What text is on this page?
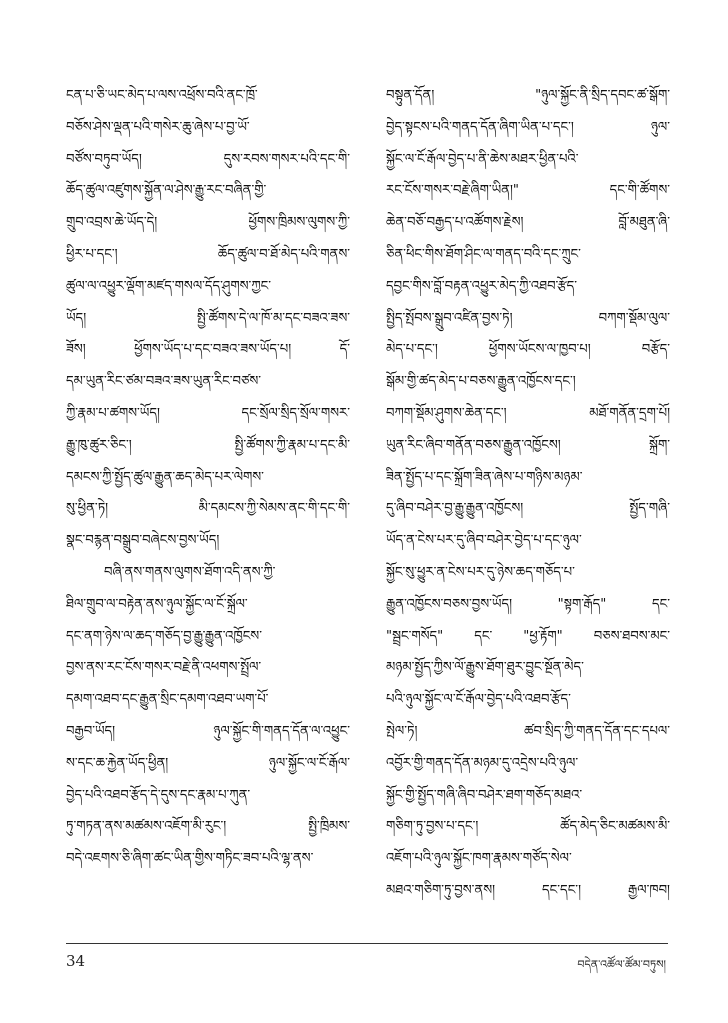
ངན་པ་ཅི་ཡང་མེད་པ་ལས་འཕྲོས་བའི་ནང་ཁྲོ་
བཅོས་ཤེས་ལྡན་པའི་གསེར་ཆུ་ཞེས་པ་བྱ་ཡོ་
བཙོས་བཏུབ་ཡོད། དུས་རབས་གསར་པའི་དང་གི་
ཆོད་ཚུལ་འཛུགས་སྐྱོན་ལ་ཤེས་རྒྱུ་རང་བཞིན་གྱི་
གྲུབ་འབྲས་ཆེ་ཡོད་དེ། ཕྱོགས་ཁྲིམས་ལུགས་ཀྱི་
ཕྱིར་པ་དང་། ཆོད་ཚུལ་བ་ཐོ་མེད་པའི་གནས་
ཚུལ་ལ་འཕྱུར་ལྡོག་མཛད་གསལ་དོད་ཤུགས་ཀྱང་
ཡོད། སྤྱི་ཚོགས་དེ་ལ་ཁོ་མ་དང་བཟའ་ཟས་
ཟོས། ཕྱོགས་ཡོད་པ་དང་བཟའ་ཟས་ཡོད་པ། དོ་
དམ་ཡུན་རིང་ཙམ་བཟའ་ཟས་ཡུན་རིང་བཙས་
ཀྱི་རྣམ་པ་ཚགས་ཡོད། དང་སྲོལ་སྲིད་སྲོལ་གསར་
རྒྱུ་ཁུ་ཚུར་ཅིང་། སྤྱི་ཚོགས་ཀྱི་རྣམ་པ་དང་མི་
དམངས་ཀྱི་སྤྱོད་ཚུལ་རྒྱུན་ཆད་མེད་པར་ལེགས་
སུ་ཕྱིན་ཏེ། མི་དམངས་ཀྱི་སེམས་ནང་གི་དང་གི་
སྣང་བརྙན་བསྒྲུབ་བཞེངས་བྱས་ཡོད།
བཞི་ནས་གནས་ལུགས་ཐོག་འདི་ནས་ཀྱི་
ཐིལ་གྲུབ་ལ་བརྟེན་ནས་ཉུལ་སྐྱོང་ལ་ངོ་སྐྲོལ་
དང་ནག་ཉེས་ལ་ཆད་གཅོད་བྱ་རྒྱུ་རྒྱུན་འཁྱོངས་
བྱས་ནས་རང་ངོས་གསར་བརྗེ་ནི་འཕགས་སྤྲོལ་
དམག་འཐབ་དང་རྒྱུན་སྲིང་དམག་འཐབ་ཡག་པོ་
བརྒྱབ་ཡོད། ཉུལ་སྐྱོང་གི་གནད་དོན་ལ་འཕྱུང་
ས་དང་ཆ་རྐྱེན་ཡོད་ཕྱིན། ཉུལ་སྐྱོང་ལ་ངོ་རྒོལ་
བྱེད་པའི་འཐབ་རྩོད་དེ་དུས་དང་རྣམ་པ་ཀུན་
ཏུ་གཏན་ནས་མཚམས་འཇོག་མི་རུང་། སྤྱི་ཁྲིམས་
བདེ་འཇགས་ཅི་ཞིག་ཚང་ཡིན་གྱིས་གཏིང་ཟབ་པའི་ལྷ་ནས་
བསྟུན་དོན། "ཉུལ་སྐྱོང་ནི་སྲིད་དབང་ཚ་སྒོག་
བྱེད་སྟངས་པའི་གནད་དོན་ཞིག་ཡིན་པ་དང་། ཉུལ་
སྐྱོང་ལ་ངོ་རྒོལ་བྱེད་པ་ནི་ཆེས་མཐར་ཕྱིན་པའི་
རང་ངོས་གསར་བརྗེ་ཞིག་ཡིན།" དང་གི་ཚོགས་
ཆེན་བཅོ་བརྒྱད་པ་འཚོགས་རྗེས། བློ་མཐུན་ཞི་
ཅིན་ཕིང་གིས་ཐོག་ཤིང་ལ་གནད་བའི་དང་ཀྲུང་
དབྱང་གིས་བློ་བརྟན་འཕྱུར་མེད་ཀྱི་འཐབ་རྩོད་
སྤྱིད་སྤོབས་སྒྲུབ་འཛིན་བྱས་ཏེ། བཀག་སྡོམ་ལུལ་
མེད་པ་དང་། ཕྱོགས་ཡོངས་ལ་ཁྱབ་པ། བརྩོད་
སྒོམ་གྱི་ཚད་མེད་པ་བཅས་རྒྱུན་འཁྱོངས་དང་།
བཀག་སྡོམ་ཤུགས་ཆེན་དང་། མཐོ་གནོན་དྲག་པོ།
ཡུན་རིང་ཞིབ་གནོན་བཅས་རྒྱུན་འཁྱོངས། སྐྲོག་
ཟིན་སྤྱོད་པ་དང་སྐྲོག་ཟིན་ཞེས་པ་གཉིས་མཉམ་
དུ་ཞིབ་བཤེར་བྱ་རྒྱུ་རྒྱུན་འཁྱོངས། སྤྱོད་གཞི་
ཡོད་ན་ངེས་པར་དུ་ཞིབ་བཤེར་བྱེད་པ་དང་ཉུལ་
སྐྱོང་སུ་ཕྱུར་ན་ངེས་པར་དུ་ཉེས་ཆད་གཅོད་པ་
རྒྱུན་འཁྱོངས་བཅས་བྱས་ཡོད། "སྟག་རྒོད" དང་
"སྦྲང་གསོད" དང་ "ཕྱ་རྟོག" བཅས་ཐབས་མང་
མཉམ་སྤྱོད་ཀྱིས་ལོ་རྒྱུས་ཐོག་ཐུར་བྱུང་སྔོན་མེད་
པའི་ཉུལ་སྐྱོང་ལ་ངོ་རྒོལ་བྱེད་པའི་འཐབ་རྩོད་
སྤེལ་ཏེ། ཚབ་སྲིད་ཀྱི་གནད་དོན་དང་དཔལ་
འབྱོར་གྱི་གནད་དོན་མཉམ་དུ་འདྲེས་པའི་ཉུལ་
སྐྱོང་གྱི་སྤྱོད་གཞི་ཞིབ་བཤེར་ཐག་གཅོད་མཐའ་
གཅིག་ཏུ་བྱས་པ་དང་། ཚོད་མེད་ཅིང་མཚམས་མི་
འཇོག་པའི་ཉུལ་སྐྱོང་ཁག་རྣམས་གཙོད་སེལ་
མཐའ་གཅིག་ཏུ་བྱས་ནས། དང་དང་། རྒྱལ་ཁབ།
34	བདེན་འཚོལ་ཚོམ་བཏུས།
